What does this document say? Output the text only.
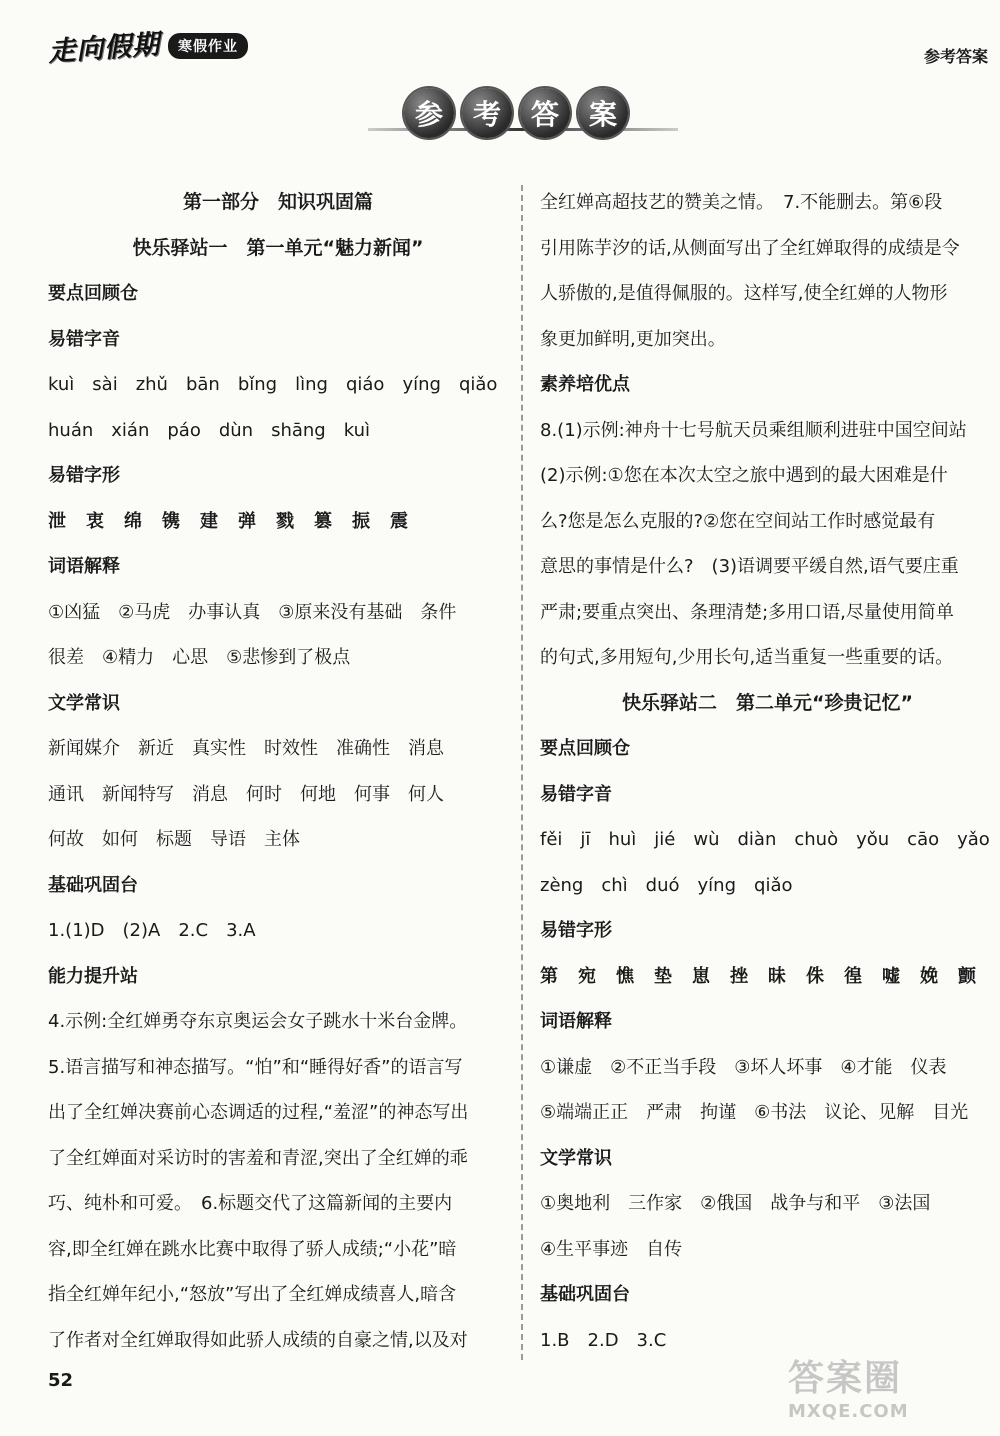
走向假期	寒假作业
参考答案
参	考	答	案
第一部分　知识巩固篇
快乐驿站一　第一单元“魅力新闻”
要点回顾仓
易错字音
kuì sài zhǔ bān bǐng lìng qiáo yíng qiǎo
huán xián páo dùn shāng kuì
易错字形
泄 衷 绵 镌 建 弹 戮 篡 振 震
词语解释
①凶猛　②马虎　办事认真　③原来没有基础　条件
很差　④精力　心思　⑤悲惨到了极点
文学常识
新闻媒介　新近　真实性　时效性　准确性　消息
通讯　新闻特写　消息　何时　何地　何事　何人
何故　如何　标题　导语　主体
基础巩固台
1.(1)D　(2)A　2.C　3.A
能力提升站
4.示例:全红婵勇夺东京奥运会女子跳水十米台金牌。
5.语言描写和神态描写。“怕”和“睡得好香”的语言写
出了全红婵决赛前心态调适的过程,“羞涩”的神态写出
了全红婵面对采访时的害羞和青涩,突出了全红婵的乖
巧、纯朴和可爱。　6.标题交代了这篇新闻的主要内
容,即全红婵在跳水比赛中取得了骄人成绩;“小花”暗
指全红婵年纪小,“怒放”写出了全红婵成绩喜人,暗含
了作者对全红婵取得如此骄人成绩的自豪之情,以及对
全红婵高超技艺的赞美之情。　7.不能删去。第⑥段
引用陈芋汐的话,从侧面写出了全红婵取得的成绩是令
人骄傲的,是值得佩服的。这样写,使全红婵的人物形
象更加鲜明,更加突出。
素养培优点
8.(1)示例:神舟十七号航天员乘组顺利进驻中国空间站
(2)示例:①您在本次太空之旅中遇到的最大困难是什
么?您是怎么克服的?②您在空间站工作时感觉最有
意思的事情是什么?　(3)语调要平缓自然,语气要庄重
严肃;要重点突出、条理清楚;多用口语,尽量使用简单
的句式,多用短句,少用长句,适当重复一些重要的话。
快乐驿站二　第二单元“珍贵记忆”
要点回顾仓
易错字音
fěi jī huì jié wù diàn chuò yǒu cāo yǎo
zèng chì duó yíng qiǎo
易错字形
第 宛 憔 垫 崽 挫 昧 侏 徨 嘘 娩 颤
词语解释
①谦虚　②不正当手段　③坏人坏事　④才能　仪表
⑤端端正正　严肃　拘谨　⑥书法　议论、见解　目光
文学常识
①奥地利　三作家　②俄国　战争与和平　③法国
④生平事迹　自传
基础巩固台
1.B　2.D　3.C
52	答案圈
MXQE.COM
